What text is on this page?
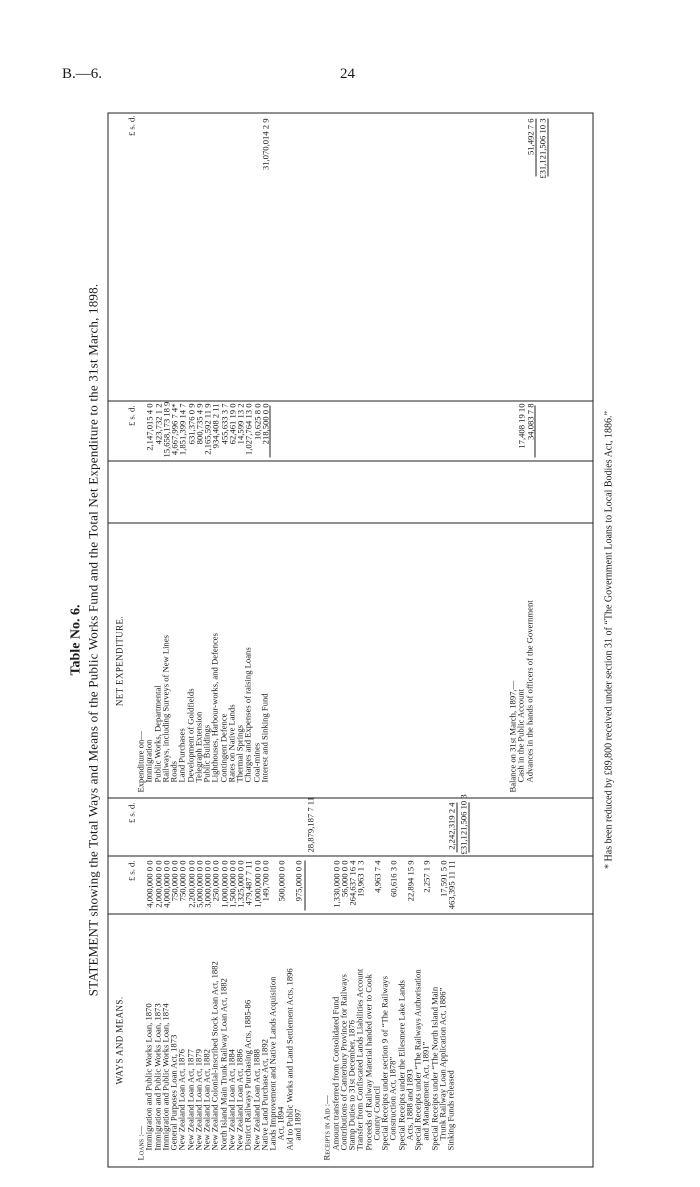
B.—6.	24
Table No. 6. STATEMENT showing the Total Ways and Means of the Public Works Fund and the Total Net Expenditure to the 31st March, 1898.
WAYS AND MEANS.
NET EXPENDITURE.
£ s. d.
£ s. d.
£ s. d.
£ s. d.
Loans :—
Immigration and Public Works Loan, 1870
4,000,000 0 0
Immigration and Public Works Loan, 1873
2,000,000 0 0
Immigration and Public Works Loan, 1874
4,000,000 0 0
General Purposes Loan Act, 1873
750,000 0 0
New Zealand Loan Act, 1876
750,000 0 0
New Zealand Loan Act, 1877
2,200,000 0 0
New Zealand Loan Act, 1879
5,000,000 0 0
New Zealand Loan Act, 1882
3,000,000 0 0
New Zealand Colonial-inscribed Stock Loan Act, 1882
250,000 0 0
North Island Main Trunk Railway Loan Act, 1882
1,000,000 0 0
New Zealand Loan Act, 1884
1,500,000 0 0
New Zealand Loan Act, 1886
1,325,000 0 0
District Railways Purchasing Acts, 1885-86
479,487 7 11
New Zealand Loan Act, 1888
1,000,000 0 0
Native Land Purchase Act, 1892
149,700 0 0
Lands Improvement and Native Lands Acquisition
Act, 1894
500,000 0 0
Aid to Public Works and Land Settlement Acts, 1896
and 1897
975,000 0 0
28,879,187 7 11
Receipts in Aid :—
Amount transferred from Consolidated Fund
1,330,000 0 0
Contributions of Canterbury Province for Railways
56,000 0 0
Stamp Duties to 31st December, 1876
264,637 16 4
Transfer from Confiscated Lands Liabilities Account
19,963 1 3
Proceeds of Railway Material handed over to Cook
County Council
4,963 7 4
Special Receipts under section 9 of “The Railways
Construction Act, 1878”
60,616 3 0
Special Receipts under the Ellesmere Lake Lands
Acts, 1888 and 1893
22,894 15 9
Special Receipts under “The Railways Authorisation
and Management Act, 1891”
2,257 1 9
Special Receipts under “The North Island Main
Trunk Railway Loan Application Act, 1886”
17,591 5 0
Sinking Funds released
463,395 11 11
2,242,319 2 4 £31,121,506 10 3
Expenditure on—
Immigration
2,147,015 4 0
Public Works, Departmental
423,732 1 2
Railways, including Surveys of New Lines
15,658,173 18 9
Roads
4,667,996 7 4*
Land Purchases
1,851,399 14 7
Development of Goldfields
631,376 0 9
Telegraph Extension
800,735 4 9
Public Buildings
2,165,592 11 9
Lighthouses, Harbour-works, and Defences
934,408 2 11
Contingent Defence
455,633 3 7
Rates on Native Lands
62,461 19 0
Thermal Springs
14,599 13 2
Charges and Expenses of raising Loans
1,027,764 13 0
Coal-mines
10,625 8 0
Interest and Sinking Fund
218,500 0 0
31,070,014 2 9
Balance on 31st March, 1897,—
Cash in the Public Account
17,408 19 10
Advances in the hands of officers of the Government
34,083 7 8
51,492 7 6 £31,121,506 10 3
* Has been reduced by £89,800 received under section 31 of “The Government Loans to Local Bodies Act, 1886.”
